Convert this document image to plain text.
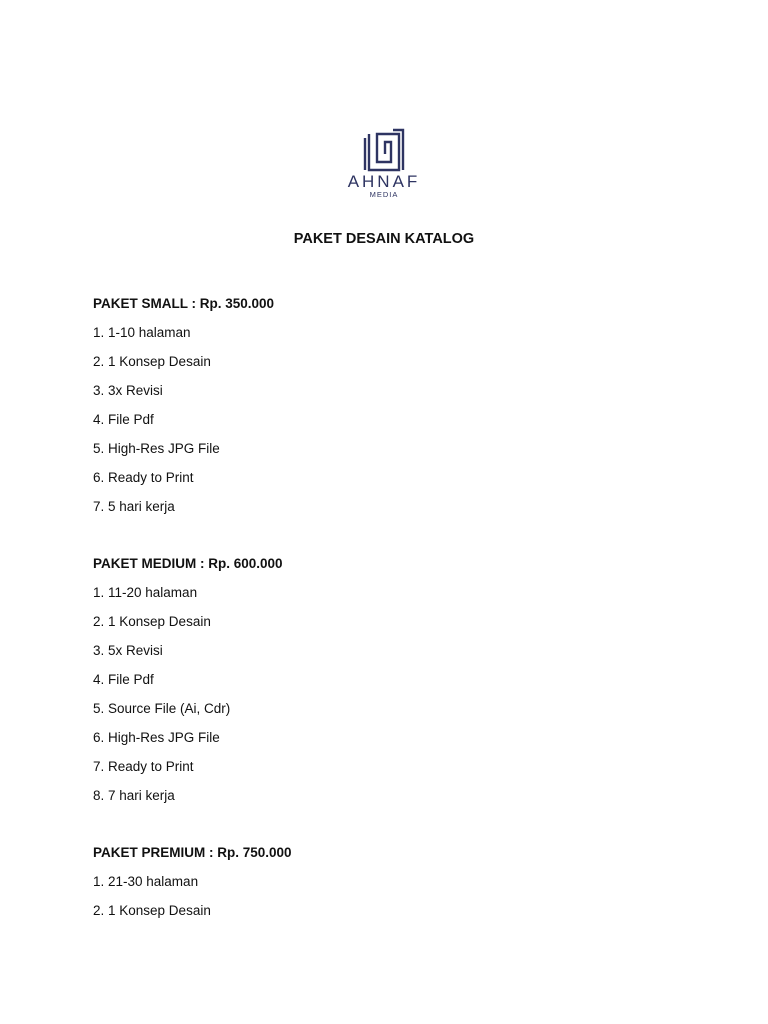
AHNAF
MEDIA
PAKET DESAIN KATALOG
PAKET SMALL : Rp. 350.000
1. 1-10 halaman
2. 1 Konsep Desain
3. 3x Revisi
4. File Pdf
5. High-Res JPG File
6. Ready to Print
7. 5 hari kerja
PAKET MEDIUM : Rp. 600.000
1. 11-20 halaman
2. 1 Konsep Desain
3. 5x Revisi
4. File Pdf
5. Source File (Ai, Cdr)
6. High-Res JPG File
7. Ready to Print
8. 7 hari kerja
PAKET PREMIUM : Rp. 750.000
1. 21-30 halaman
2. 1 Konsep Desain
